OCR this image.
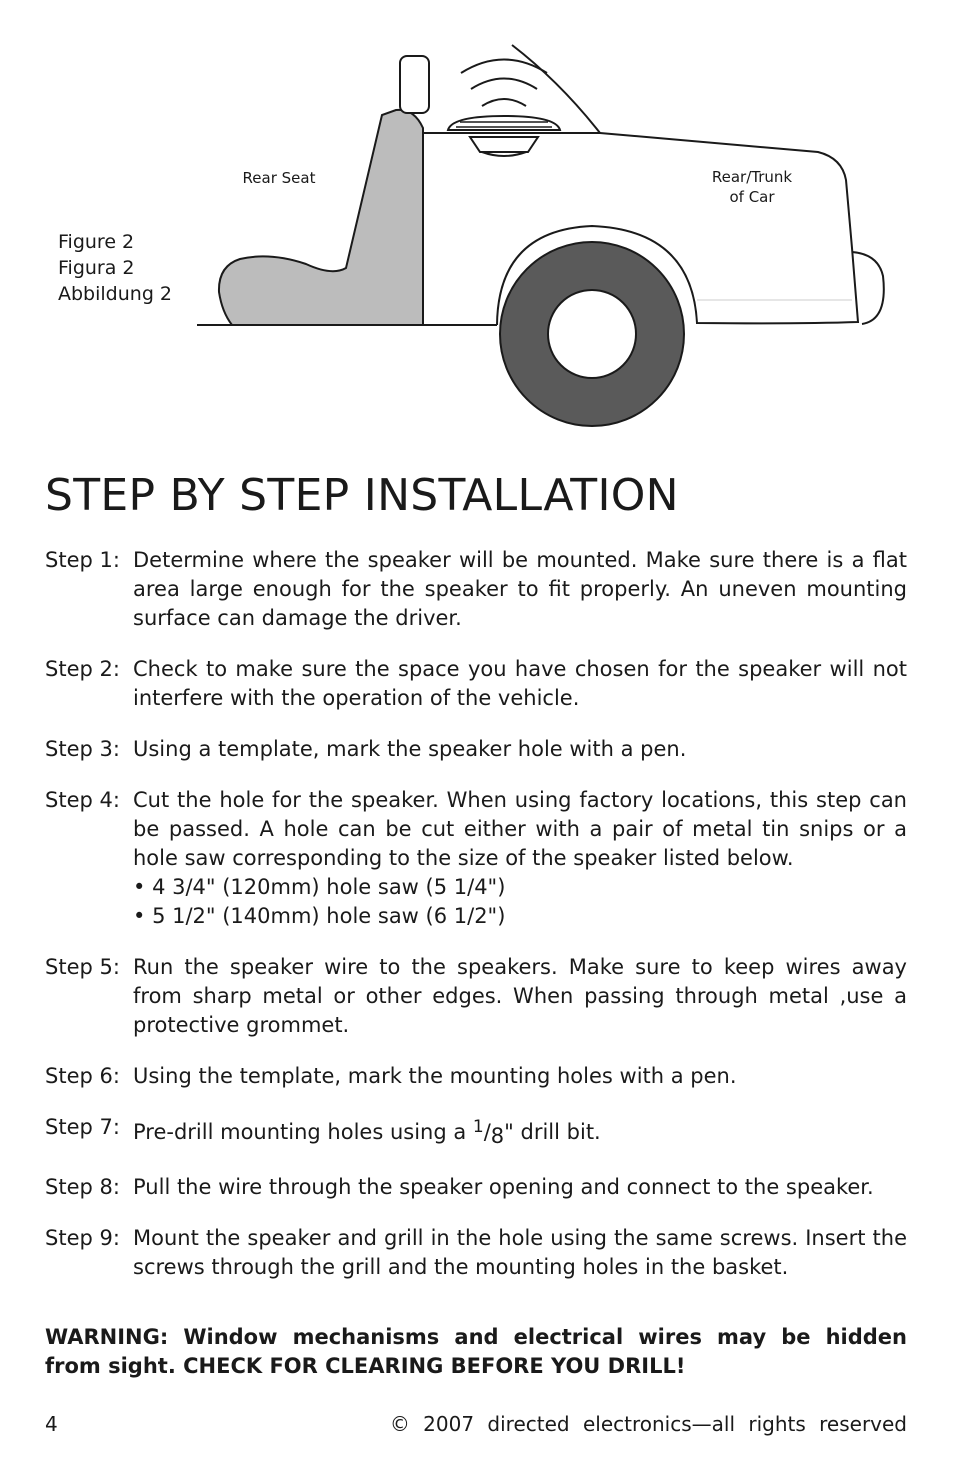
Figure 2
Figura 2
Abbildung 2
Rear Seat	Rear/Trunk
of Car
STEP BY STEP INSTALLATION
Step 1: Determine where the speaker will be mounted. Make sure there is a flat area large enough for the speaker to fit properly. An uneven mounting surface can damage the driver.
Step 2: Check to make sure the space you have chosen for the speaker will not interfere with the operation of the vehicle.
Step 3: Using a template, mark the speaker hole with a pen.
Step 4: Cut the hole for the speaker. When using factory locations, this step can be passed. A hole can be cut either with a pair of metal tin snips or a hole saw corresponding to the size of the speaker listed below.
• 4 3/4" (120mm) hole saw (5 1/4")
• 5 1/2" (140mm) hole saw (6 1/2")
Step 5: Run the speaker wire to the speakers. Make sure to keep wires away from sharp metal or other edges. When passing through metal ,use a protective grommet.
Step 6: Using the template, mark the mounting holes with a pen.
Step 7: Pre-drill mounting holes using a $^1$/8" drill bit.
Step 8: Pull the wire through the speaker opening and connect to the speaker.
Step 9: Mount the speaker and grill in the hole using the same screws. Insert the screws through the grill and the mounting holes in the basket.
WARNING: Window mechanisms and electrical wires may be hidden from sight. CHECK FOR CLEARING BEFORE YOU DRILL!
4	© 2007 directed electronics—all rights reserved
